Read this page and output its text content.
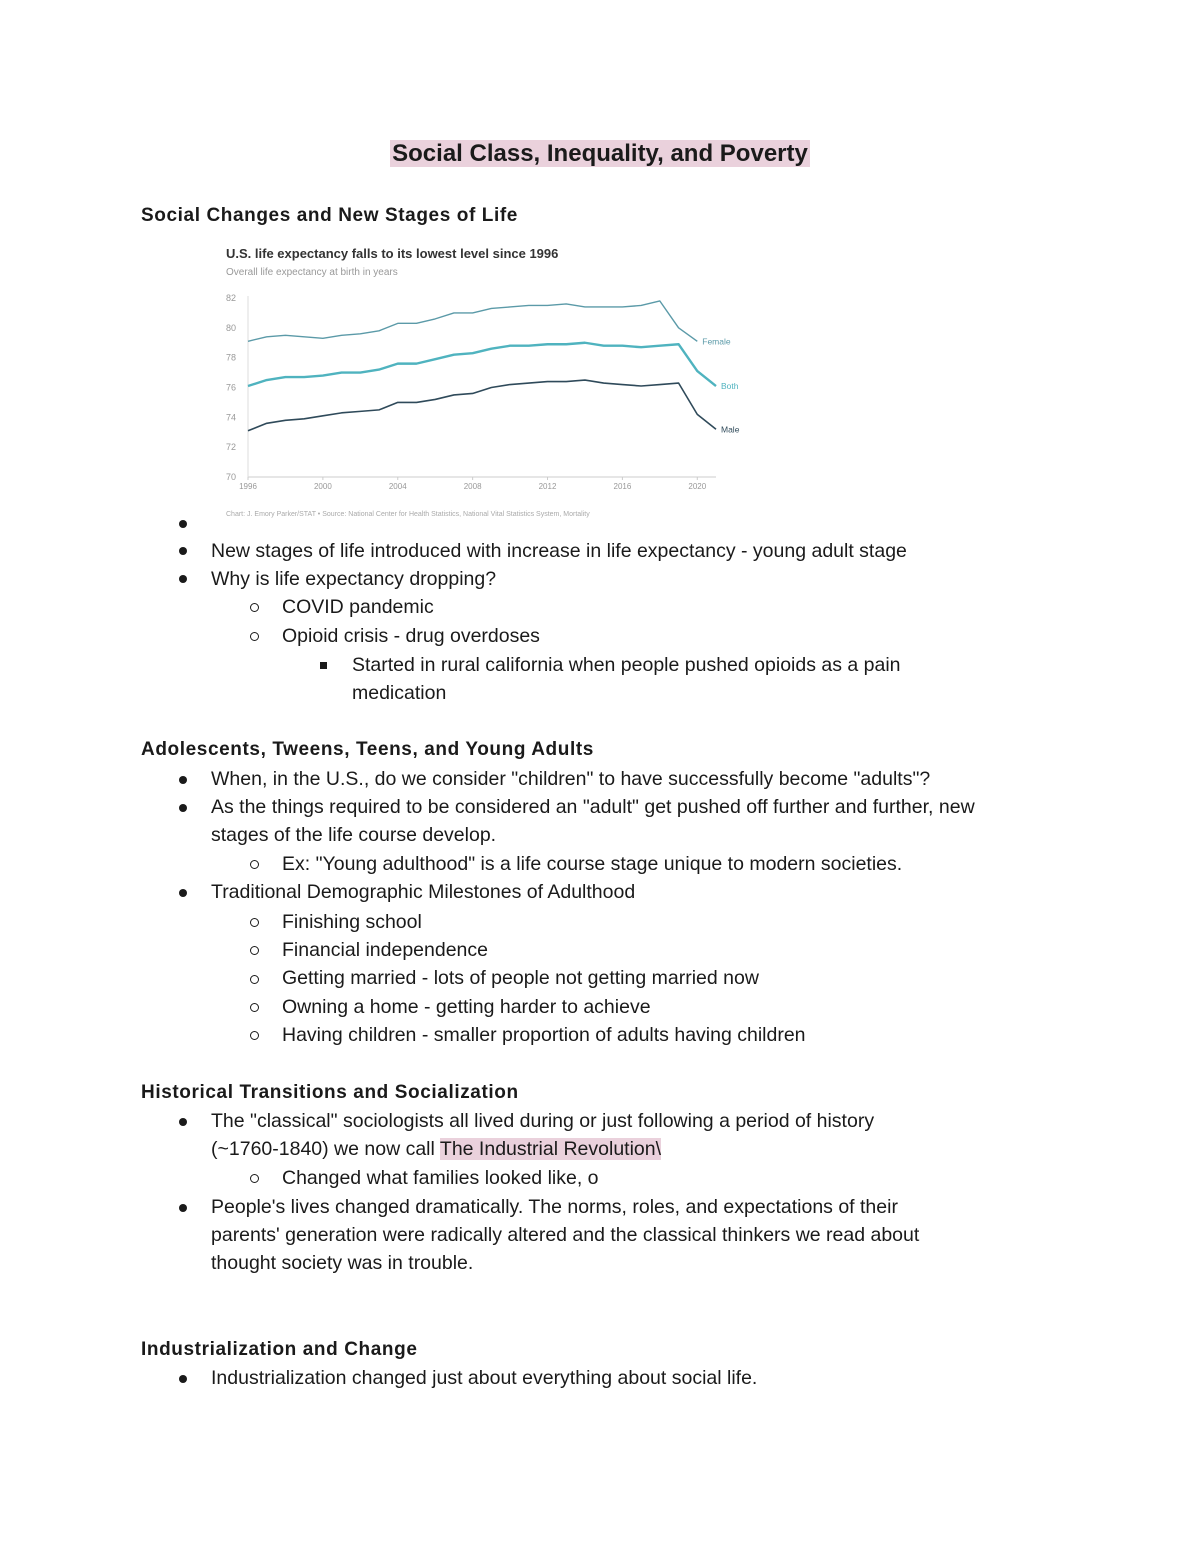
Social Class, Inequality, and Poverty
Social Changes and New Stages of Life
U.S. life expectancy falls to its lowest level since 1996
Overall life expectancy at birth in years
70
72
74
76
78
80
82
1996	2000	2004	2008	2012	2016	2020
Female
Both
Male
Chart: J. Emory Parker/STAT • Source: National Center for Health Statistics, National Vital Statistics System, Mortality
New stages of life introduced with increase in life expectancy - young adult stage
Why is life expectancy dropping?
COVID pandemic
Opioid crisis - drug overdoses
Started in rural california when people pushed opioids as a pain
medication
Adolescents, Tweens, Teens, and Young Adults
When, in the U.S., do we consider "children" to have successfully become "adults"?
As the things required to be considered an "adult" get pushed off further and further, new
stages of the life course develop.
Ex: "Young adulthood" is a life course stage unique to modern societies.
Traditional Demographic Milestones of Adulthood
Finishing school
Financial independence
Getting married - lots of people not getting married now
Owning a home - getting harder to achieve
Having children - smaller proportion of adults having children
Historical Transitions and Socialization
The "classical" sociologists all lived during or just following a period of history
(~1760-1840) we now call The Industrial Revolution\
Changed what families looked like, o
People's lives changed dramatically. The norms, roles, and expectations of their
parents' generation were radically altered and the classical thinkers we read about
thought society was in trouble.
Industrialization and Change
Industrialization changed just about everything about social life.
